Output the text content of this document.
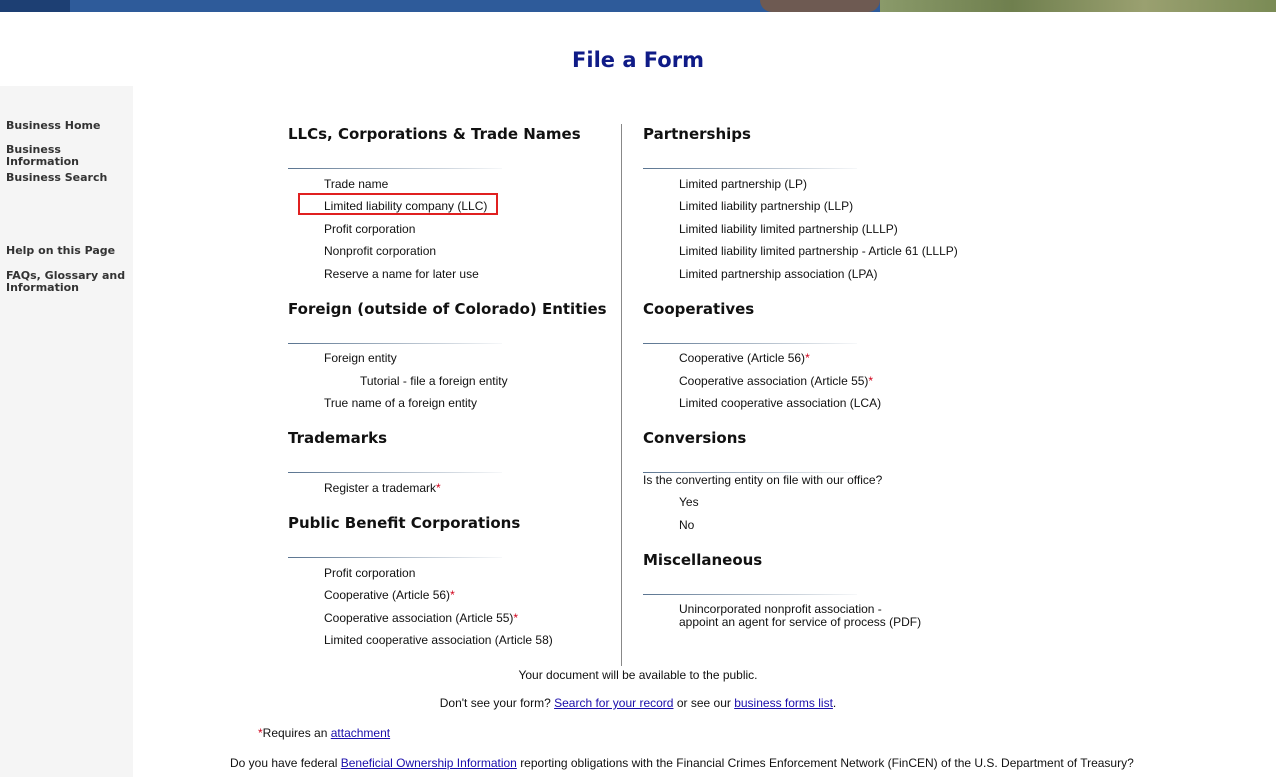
File a Form
Business Home
Business Information
Business Search
Help on this Page
FAQs, Glossary and Information
LLCs, Corporations & Trade Names
Trade name
Limited liability company (LLC)
Profit corporation
Nonprofit corporation
Reserve a name for later use
Foreign (outside of Colorado) Entities
Foreign entity
Tutorial - file a foreign entity
True name of a foreign entity
Trademarks
Register a trademark*
Public Benefit Corporations
Profit corporation
Cooperative (Article 56)*
Cooperative association (Article 55)*
Limited cooperative association (Article 58)
Partnerships
Limited partnership (LP)
Limited liability partnership (LLP)
Limited liability limited partnership (LLLP)
Limited liability limited partnership - Article 61 (LLLP)
Limited partnership association (LPA)
Cooperatives
Cooperative (Article 56)*
Cooperative association (Article 55)*
Limited cooperative association (LCA)
Conversions
Is the converting entity on file with our office?
Yes
No
Miscellaneous
Unincorporated nonprofit association -
appoint an agent for service of process (PDF)
Your document will be available to the public.
Don't see your form? Search for your record or see our business forms list.
*Requires an attachment
Do you have federal Beneficial Ownership Information reporting obligations with the Financial Crimes Enforcement Network (FinCEN) of the U.S. Department of Treasury?
